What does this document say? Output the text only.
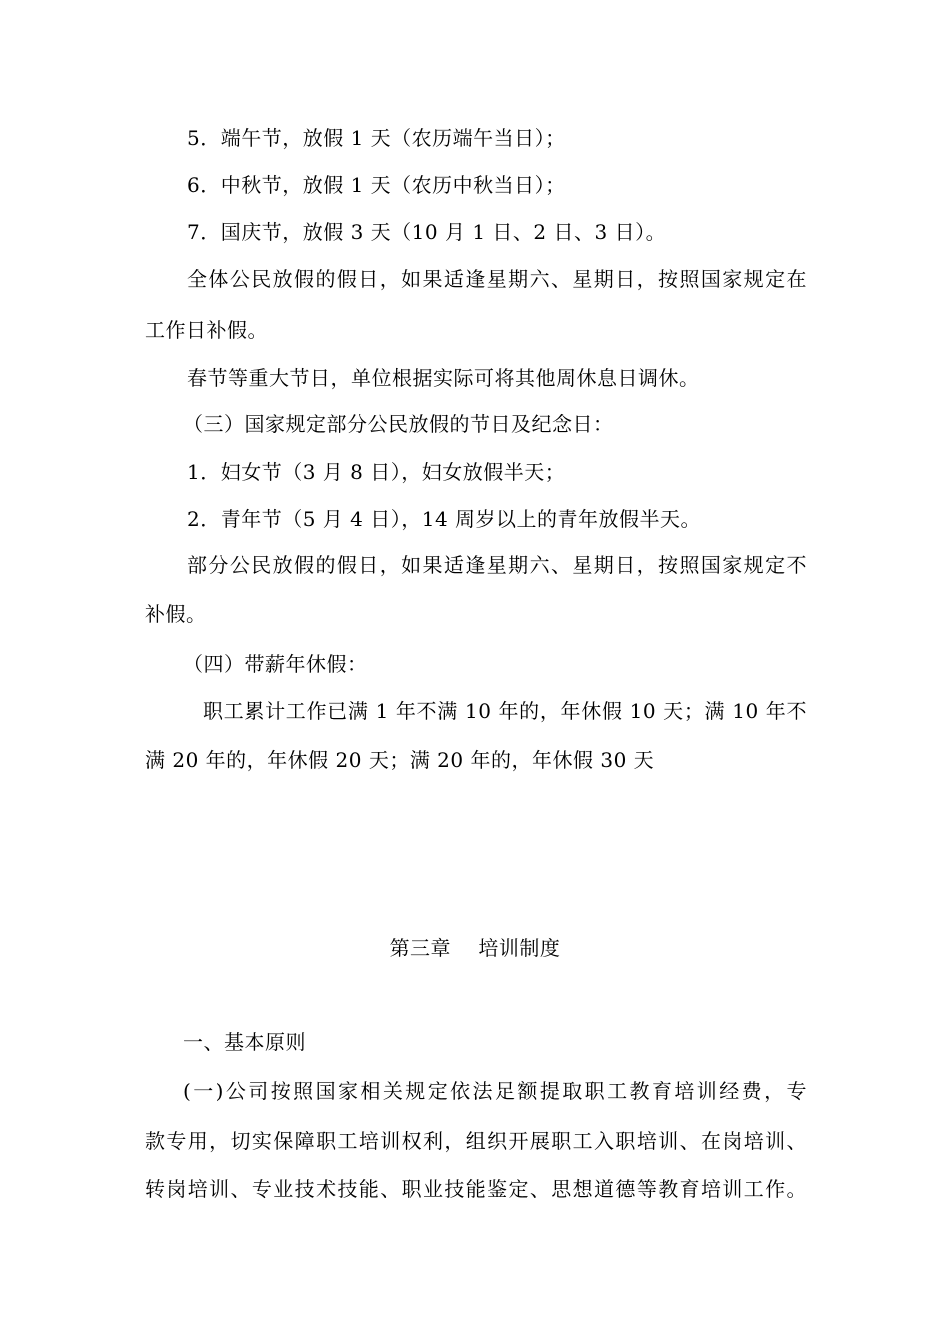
5．端午节，放假 1 天（农历端午当日）；
6．中秋节，放假 1 天（农历中秋当日）；
7．国庆节，放假 3 天（10 月 1 日、2 日、3 日）。
全体公民放假的假日，如果适逢星期六、星期日，按照国家规定在
工作日补假。
春节等重大节日，单位根据实际可将其他周休息日调休。
（三）国家规定部分公民放假的节日及纪念日：
1．妇女节（3 月 8 日），妇女放假半天；
2．青年节（5 月 4 日），14 周岁以上的青年放假半天。
部分公民放假的假日，如果适逢星期六、星期日，按照国家规定不
补假。
（四）带薪年休假：
职工累计工作已满 1 年不满 10 年的，年休假 10 天；满 10 年不
满 20 年的，年休假 20 天；满 20 年的，年休假 30 天
第三章　 培训制度
一、基本原则
(一)公司按照国家相关规定依法足额提取职工教育培训经费，专
款专用，切实保障职工培训权利，组织开展职工入职培训、在岗培训、
转岗培训、专业技术技能、职业技能鉴定、思想道德等教育培训工作。
